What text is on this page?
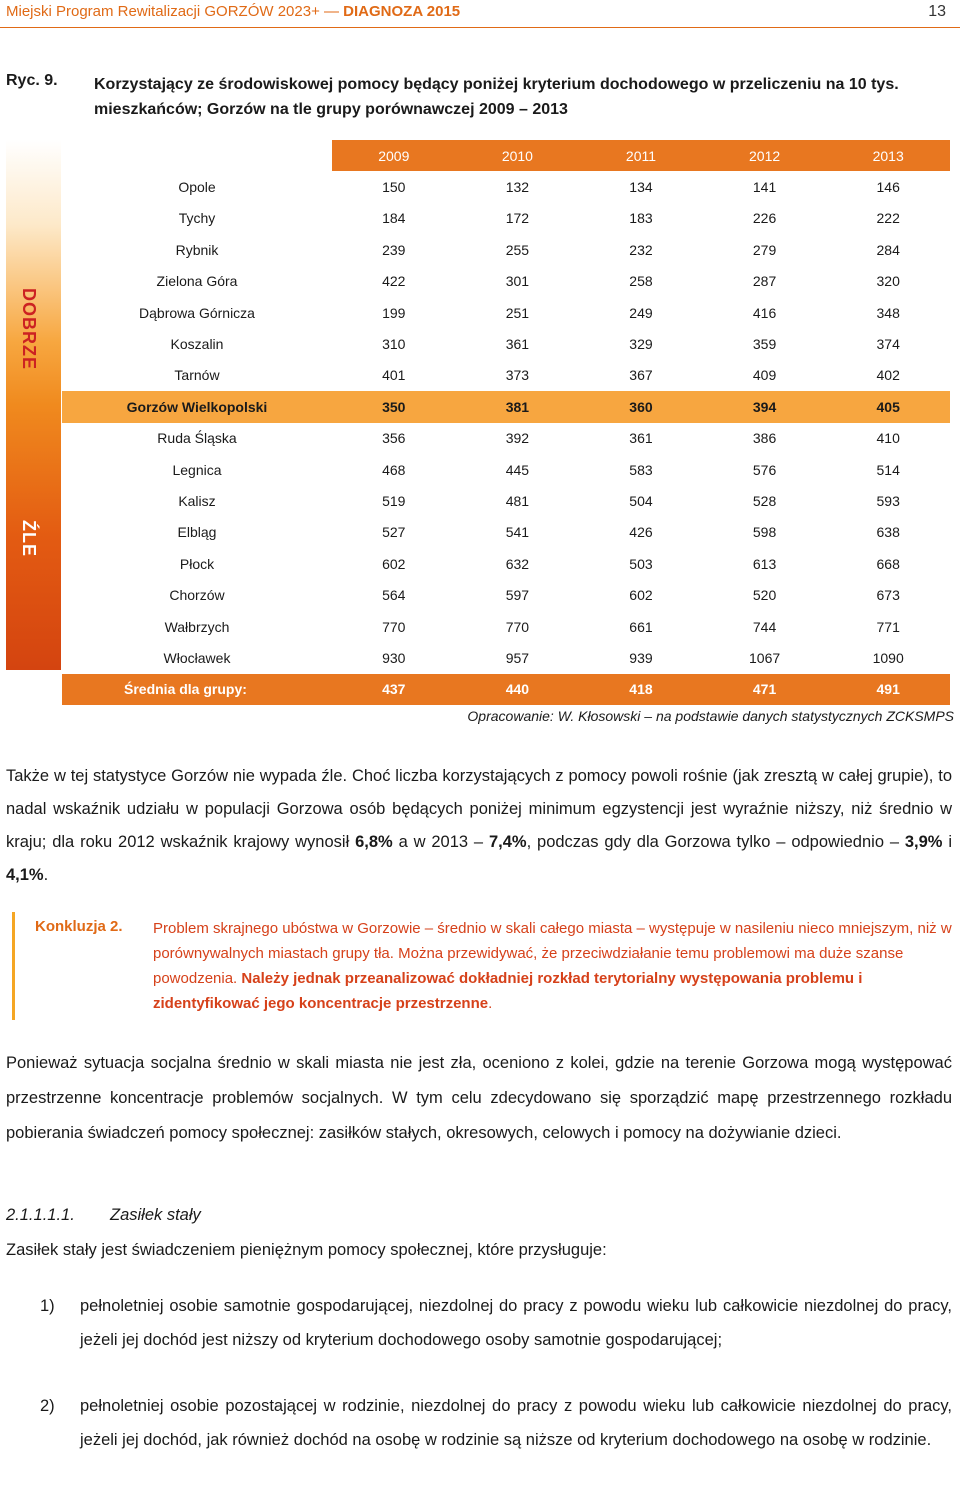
Miejski Program Rewitalizacji GORZÓW 2023+ — DIAGNOZA 2015	13
Ryc. 9. Korzystający ze środowiskowej pomocy będący poniżej kryterium dochodowego w przeliczeniu na 10 tys. mieszkańców; Gorzów na tle grupy porównawczej 2009 – 2013
DOBRZE
ŹLE
	2009	2010	2011	2012	2013
Opole	150	132	134	141	146
Tychy	184	172	183	226	222
Rybnik	239	255	232	279	284
Zielona Góra	422	301	258	287	320
Dąbrowa Górnicza	199	251	249	416	348
Koszalin	310	361	329	359	374
Tarnów	401	373	367	409	402
Gorzów Wielkopolski	350	381	360	394	405
Ruda Śląska	356	392	361	386	410
Legnica	468	445	583	576	514
Kalisz	519	481	504	528	593
Elbląg	527	541	426	598	638
Płock	602	632	503	613	668
Chorzów	564	597	602	520	673
Wałbrzych	770	770	661	744	771
Włocławek	930	957	939	1067	1090
Średnia dla grupy:	437	440	418	471	491
Opracowanie: W. Kłosowski – na podstawie danych statystycznych ZCKSMPS
Także w tej statystyce Gorzów nie wypada źle. Choć liczba korzystających z pomocy powoli rośnie (jak zresztą w całej grupie), to nadal wskaźnik udziału w populacji Gorzowa osób będących poniżej minimum egzystencji jest wyraźnie niższy, niż średnio w kraju; dla roku 2012 wskaźnik krajowy wynosił 6,8% a w 2013 – 7,4%, podczas gdy dla Gorzowa tylko – odpowiednio – 3,9% i 4,1%.
Konkluzja 2. Problem skrajnego ubóstwa w Gorzowie – średnio w skali całego miasta – występuje w nasileniu nieco mniejszym, niż w porównywalnych miastach grupy tła. Można przewidywać, że przeciwdziałanie temu problemowi ma duże szanse powodzenia. Należy jednak przeanalizować dokładniej rozkład terytorialny występowania problemu i zidentyfikować jego koncentracje przestrzenne.
Ponieważ sytuacja socjalna średnio w skali miasta nie jest zła, oceniono z kolei, gdzie na terenie Gorzowa mogą występować przestrzenne koncentracje problemów socjalnych. W tym celu zdecydowano się sporządzić mapę przestrzennego rozkładu pobierania świadczeń pomocy społecznej: zasiłków stałych, okresowych, celowych i pomocy na dożywianie dzieci.
2.1.1.1.1. Zasiłek stały
Zasiłek stały jest świadczeniem pieniężnym pomocy społecznej, które przysługuje:
1) pełnoletniej osobie samotnie gospodarującej, niezdolnej do pracy z powodu wieku lub całkowicie niezdolnej do pracy, jeżeli jej dochód jest niższy od kryterium dochodowego osoby samotnie gospodarującej;
2) pełnoletniej osobie pozostającej w rodzinie, niezdolnej do pracy z powodu wieku lub całkowicie niezdolnej do pracy, jeżeli jej dochód, jak również dochód na osobę w rodzinie są niższe od kryterium dochodowego na osobę w rodzinie.
